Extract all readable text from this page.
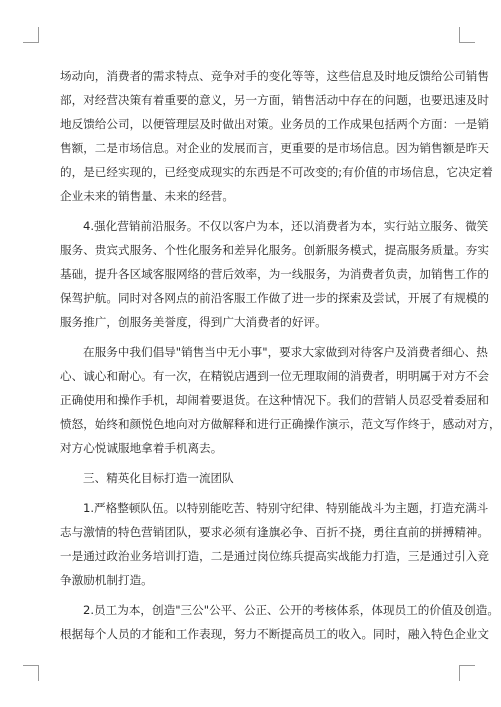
场动向，消费者的需求特点、竞争对手的变化等等，这些信息及时地反馈给公司销售
部，对经营决策有着重要的意义，另一方面，销售活动中存在的问题，也要迅速及时
地反馈给公司，以便管理层及时做出对策。业务员的工作成果包括两个方面：一是销
售额，二是市场信息。对企业的发展而言，更重要的是市场信息。因为销售额是昨天
的，是已经实现的，已经变成现实的东西是不可改变的;有价值的市场信息，它决定着
企业未来的销售量、未来的经营。
4.强化营销前沿服务。不仅以客户为本，还以消费者为本，实行站立服务、微笑
服务、贵宾式服务、个性化服务和差异化服务。创新服务模式，提高服务质量。夯实
基础，提升各区域客服网络的营后效率，为一线服务，为消费者负责，加销售工作的
保驾护航。同时对各网点的前沿客服工作做了进一步的探索及尝试，开展了有规模的
服务推广，创服务美誉度，得到广大消费者的好评。
在服务中我们倡导"销售当中无小事"，要求大家做到对待客户及消费者细心、热
心、诚心和耐心。有一次，在精锐店遇到一位无理取闹的消费者，明明属于对方不会
正确使用和操作手机，却闹着要退货。在这种情况下。我们的营销人员忍受着委屈和
愤怒，始终和颜悦色地向对方做解释和进行正确操作演示，范文写作终于，感动对方，
对方心悦诚服地拿着手机离去。
三、精英化目标打造一流团队
1.严格整顿队伍。以特别能吃苦、特别守纪律、特别能战斗为主题，打造充满斗
志与激情的特色营销团队，要求必须有逢旗必争、百折不挠，勇往直前的拼搏精神。
一是通过政治业务培训打造，二是通过岗位练兵提高实战能力打造，三是通过引入竞
争激励机制打造。
2.员工为本，创造"三公"公平、公正、公开的考核体系，体现员工的价值及创造。
根据每个人员的才能和工作表现，努力不断提高员工的收入。同时，融入特色企业文
